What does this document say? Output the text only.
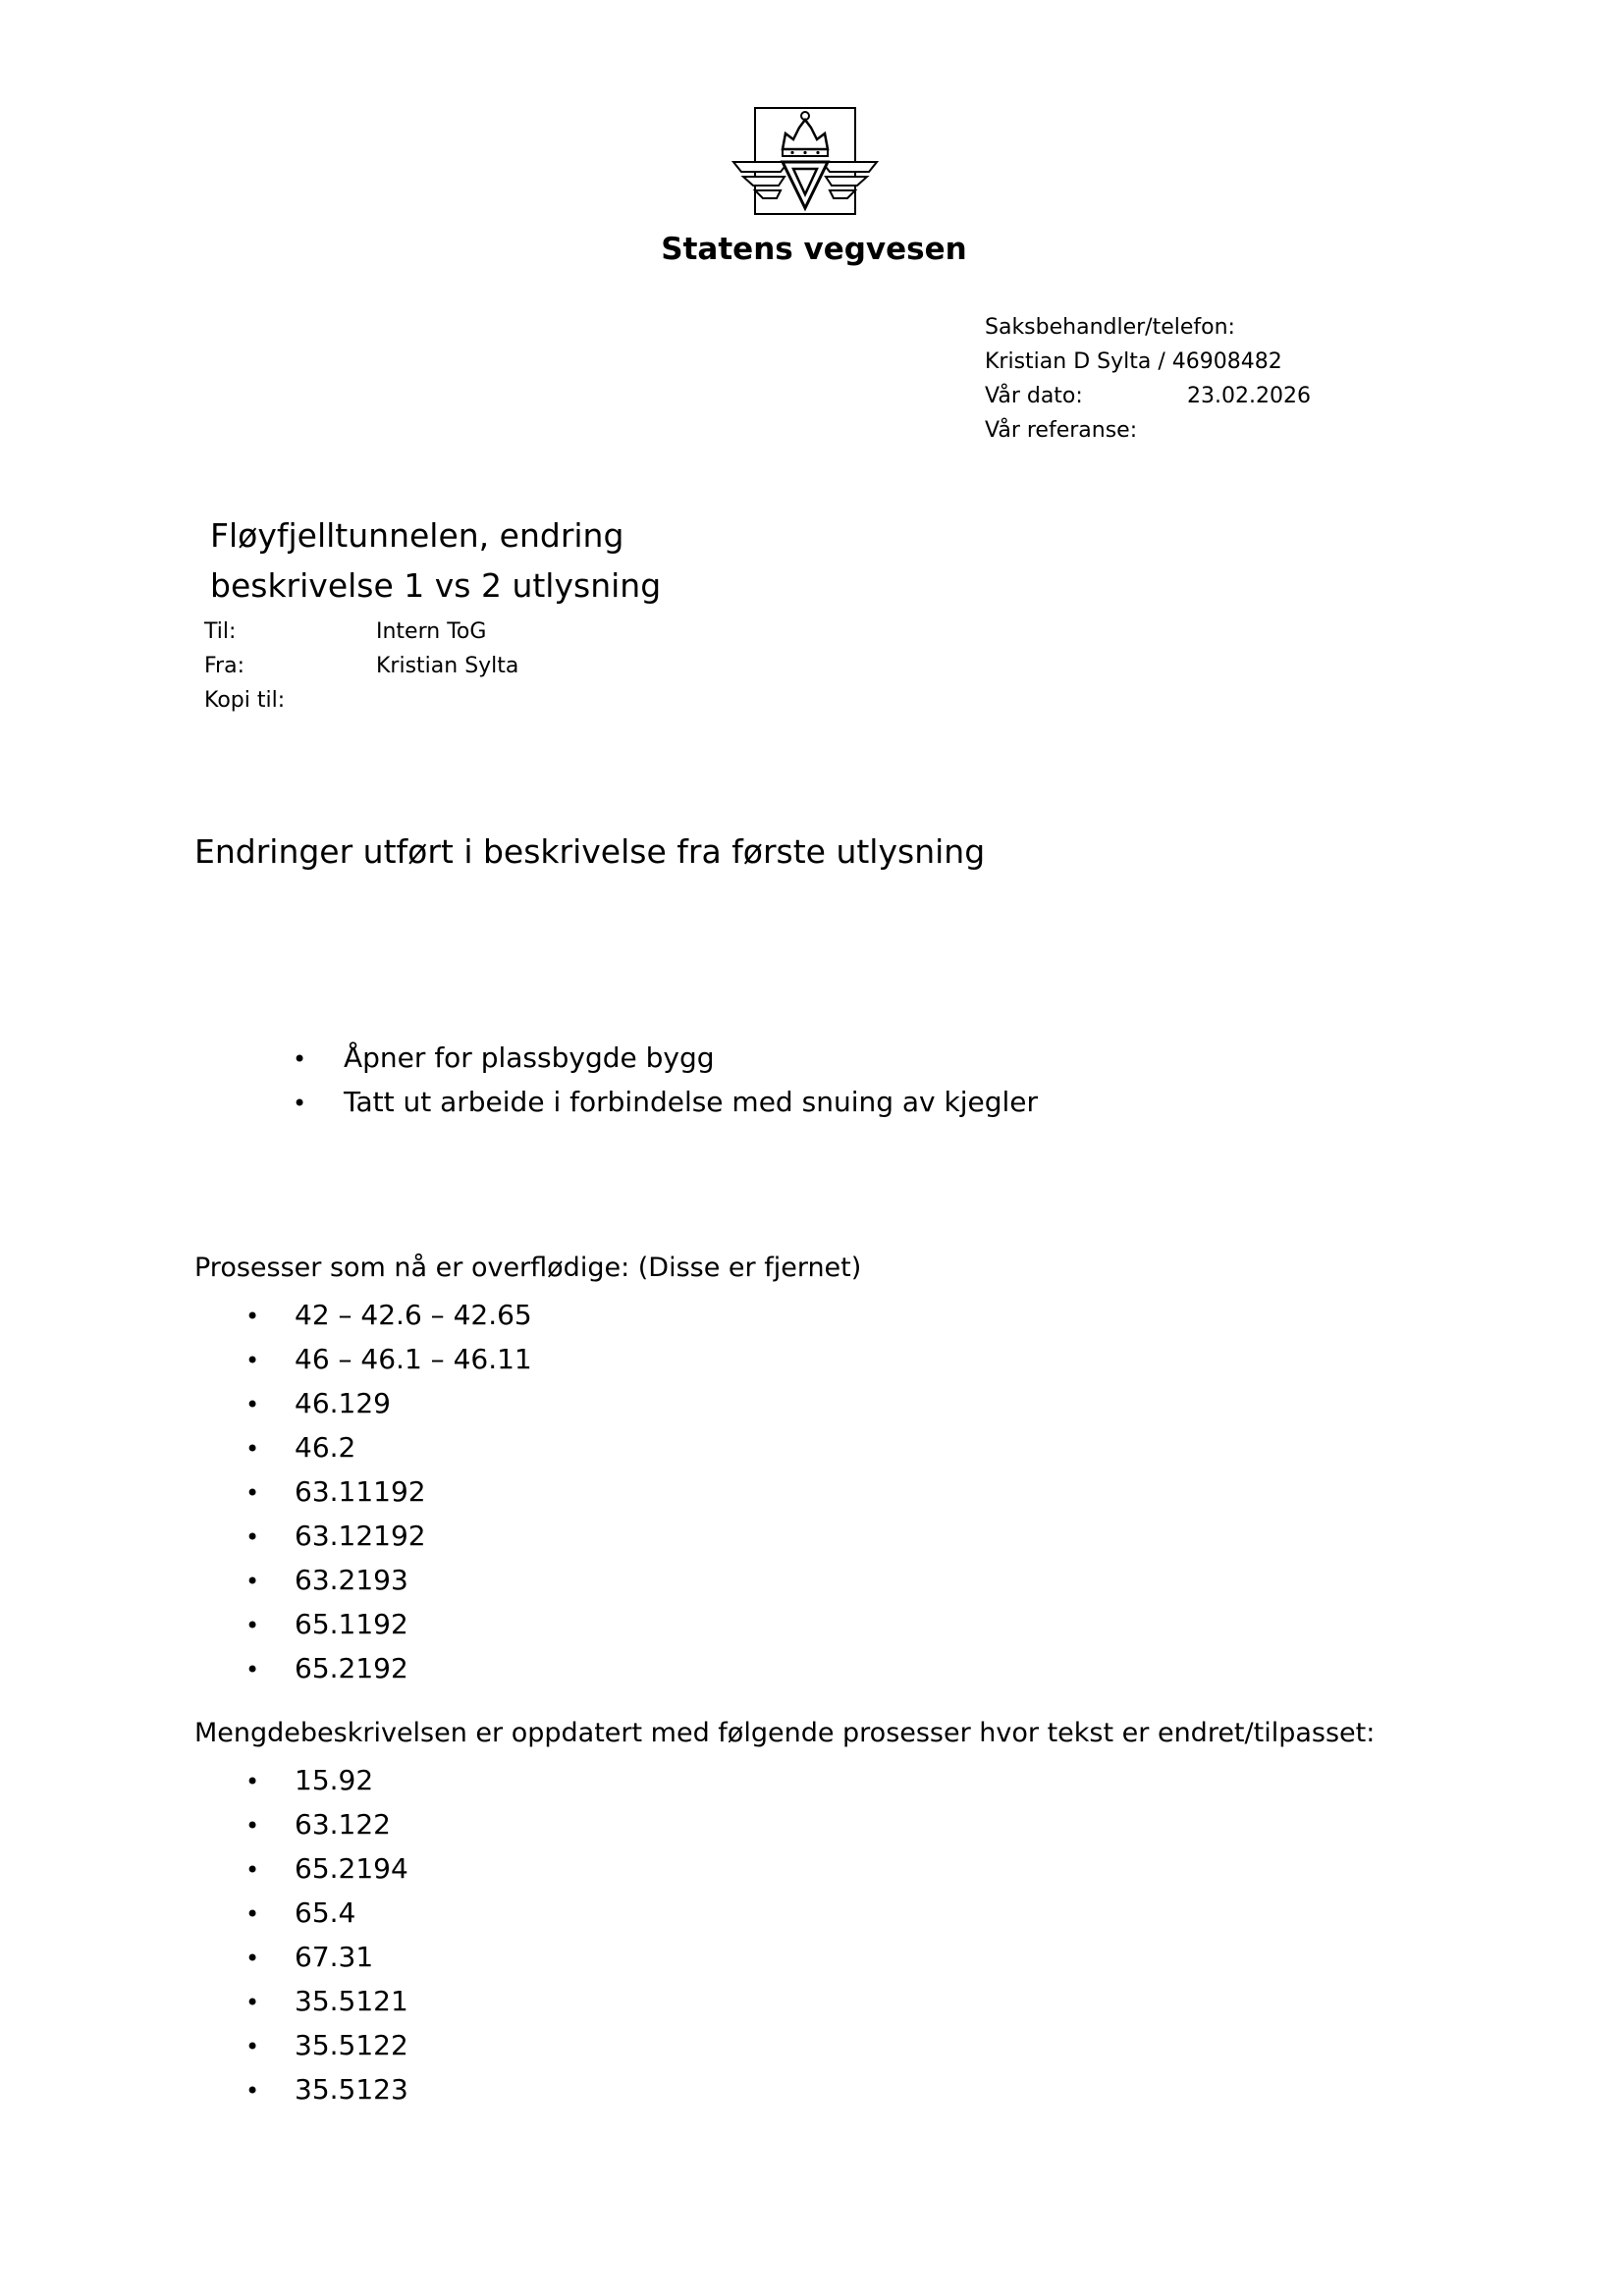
Statens vegvesen
Saksbehandler/telefon:
Kristian D Sylta / 46908482
Vår dato:	23.02.2026
Vår referanse:
Fløyfjelltunnelen, endring
beskrivelse 1 vs 2 utlysning
Til:	Intern ToG
Fra:	Kristian Sylta
Kopi til:
Endringer utført i beskrivelse fra første utlysning
• Åpner for plassbygde bygg
• Tatt ut arbeide i forbindelse med snuing av kjegler
Prosesser som nå er overflødige: (Disse er fjernet)
• 42 – 42.6 – 42.65
• 46 – 46.1 – 46.11
• 46.129
• 46.2
• 63.11192
• 63.12192
• 63.2193
• 65.1192
• 65.2192
Mengdebeskrivelsen er oppdatert med følgende prosesser hvor tekst er endret/tilpasset:
• 15.92
• 63.122
• 65.2194
• 65.4
• 67.31
• 35.5121
• 35.5122
• 35.5123
